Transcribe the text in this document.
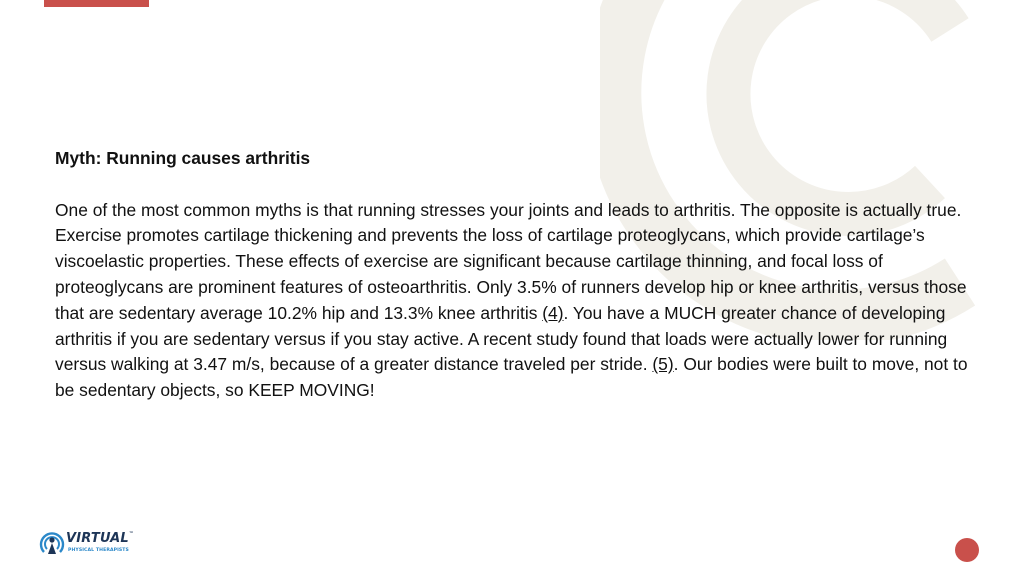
Myth: Running causes arthritis

One of the most common myths is that running stresses your joints and leads to arthritis. The opposite is actually true. Exercise promotes cartilage thickening and prevents the loss of cartilage proteoglycans, which provide cartilage’s viscoelastic properties. These effects of exercise are significant because cartilage thinning, and focal loss of proteoglycans are prominent features of osteoarthritis. Only 3.5% of runners develop hip or knee arthritis, versus those that are sedentary average 10.2% hip and 13.3% knee arthritis (4). You have a MUCH greater chance of developing arthritis if you are sedentary versus if you stay active. A recent study found that loads were actually lower for running versus walking at 3.47 m/s, because of a greater distance traveled per stride. (5). Our bodies were built to move, not to be sedentary objects, so KEEP MOVING!

VIRTUAL™
PHYSICAL THERAPISTS
